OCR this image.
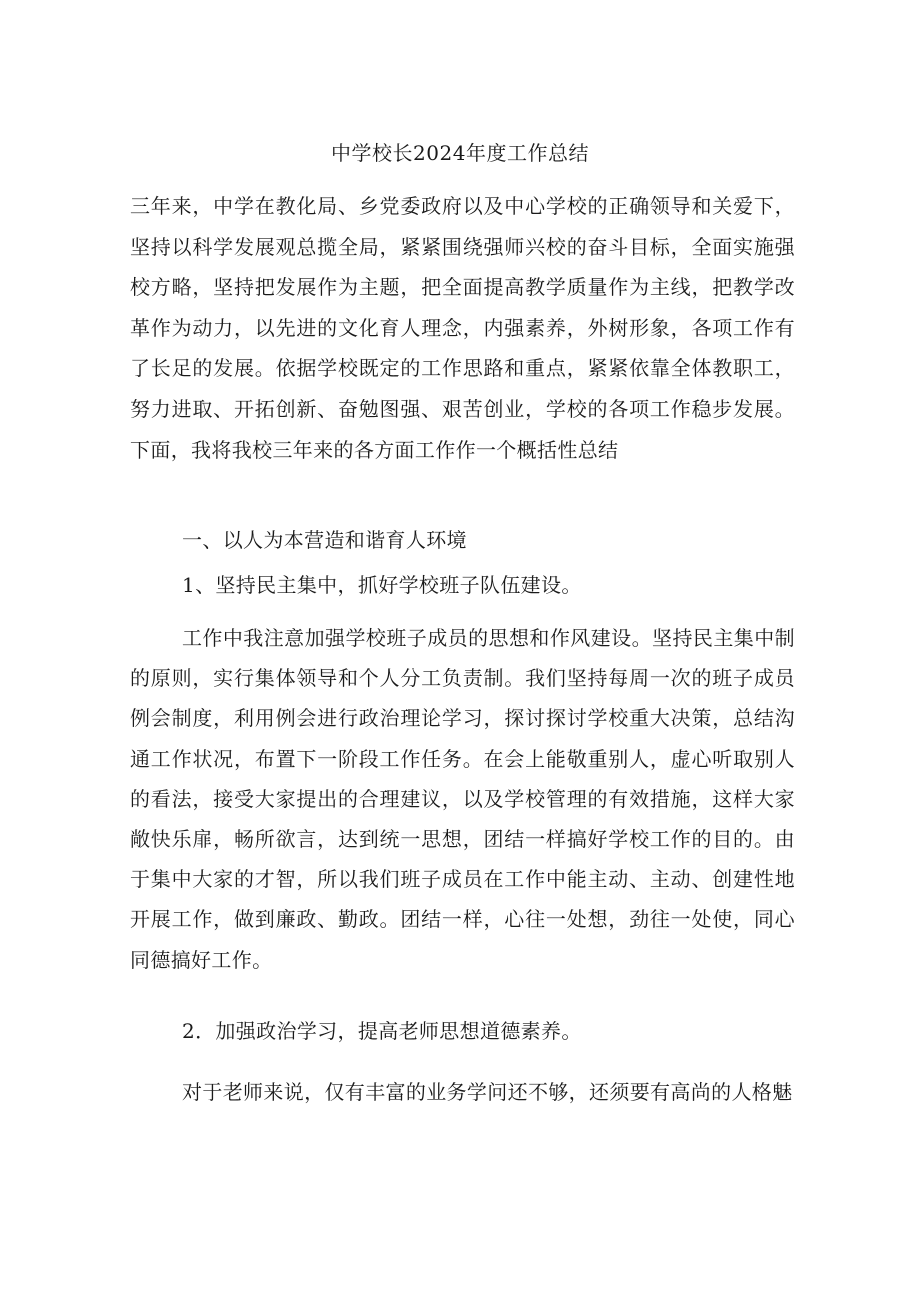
中学校长2024年度工作总结

三年来，中学在教化局、乡党委政府以及中心学校的正确领导和关爱下，坚持以科学发展观总揽全局，紧紧围绕强师兴校的奋斗目标，全面实施强校方略，坚持把发展作为主题，把全面提高教学质量作为主线，把教学改革作为动力，以先进的文化育人理念，内强素养，外树形象，各项工作有了长足的发展。依据学校既定的工作思路和重点，紧紧依靠全体教职工，努力进取、开拓创新、奋勉图强、艰苦创业，学校的各项工作稳步发展。下面，我将我校三年来的各方面工作作一个概括性总结

一、以人为本营造和谐育人环境

1、坚持民主集中，抓好学校班子队伍建设。

工作中我注意加强学校班子成员的思想和作风建设。坚持民主集中制的原则，实行集体领导和个人分工负责制。我们坚持每周一次的班子成员例会制度，利用例会进行政治理论学习，探讨探讨学校重大决策，总结沟通工作状况，布置下一阶段工作任务。在会上能敬重别人，虚心听取别人的看法，接受大家提出的合理建议，以及学校管理的有效措施，这样大家敞快乐扉，畅所欲言，达到统一思想，团结一样搞好学校工作的目的。由于集中大家的才智，所以我们班子成员在工作中能主动、主动、创建性地开展工作，做到廉政、勤政。团结一样，心往一处想，劲往一处使，同心同德搞好工作。

2．加强政治学习，提高老师思想道德素养。

对于老师来说，仅有丰富的业务学问还不够，还须要有高尚的人格魅
